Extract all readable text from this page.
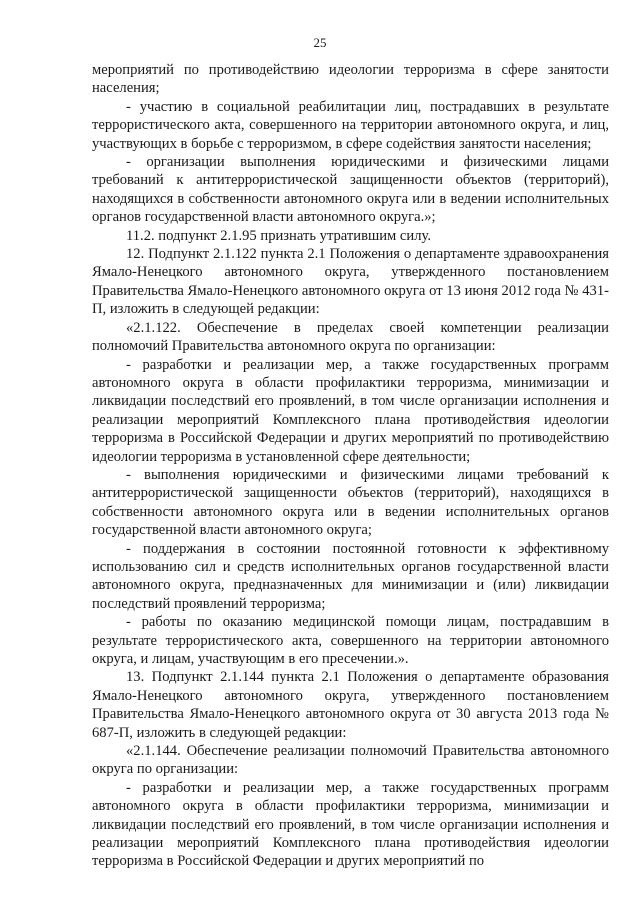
25

мероприятий по противодействию идеологии терроризма в сфере занятости населения;

- участию в социальной реабилитации лиц, пострадавших в результате террористического акта, совершенного на территории автономного округа, и лиц, участвующих в борьбе с терроризмом, в сфере содействия занятости населения;

- организации выполнения юридическими и физическими лицами требований к антитеррористической защищенности объектов (территорий), находящихся в собственности автономного округа или в ведении исполнительных органов государственной власти автономного округа.»;

11.2. подпункт 2.1.95 признать утратившим силу.

12. Подпункт 2.1.122 пункта 2.1 Положения о департаменте здравоохранения Ямало-Ненецкого автономного округа, утвержденного постановлением Правительства Ямало-Ненецкого автономного округа от 13 июня 2012 года № 431-П, изложить в следующей редакции:

«2.1.122. Обеспечение в пределах своей компетенции реализации полномочий Правительства автономного округа по организации:

- разработки и реализации мер, а также государственных программ автономного округа в области профилактики терроризма, минимизации и ликвидации последствий его проявлений, в том числе организации исполнения и реализации мероприятий Комплексного плана противодействия идеологии терроризма в Российской Федерации и других мероприятий по противодействию идеологии терроризма в установленной сфере деятельности;

- выполнения юридическими и физическими лицами требований к антитеррористической защищенности объектов (территорий), находящихся в собственности автономного округа или в ведении исполнительных органов государственной власти автономного округа;

- поддержания в состоянии постоянной готовности к эффективному использованию сил и средств исполнительных органов государственной власти автономного округа, предназначенных для минимизации и (или) ликвидации последствий проявлений терроризма;

- работы по оказанию медицинской помощи лицам, пострадавшим в результате террористического акта, совершенного на территории автономного округа, и лицам, участвующим в его пресечении.».

13. Подпункт 2.1.144 пункта 2.1 Положения о департаменте образования Ямало-Ненецкого автономного округа, утвержденного постановлением Правительства Ямало-Ненецкого автономного округа от 30 августа 2013 года № 687-П, изложить в следующей редакции:

«2.1.144. Обеспечение реализации полномочий Правительства автономного округа по организации:

- разработки и реализации мер, а также государственных программ автономного округа в области профилактики терроризма, минимизации и ликвидации последствий его проявлений, в том числе организации исполнения и реализации мероприятий Комплексного плана противодействия идеологии терроризма в Российской Федерации и других мероприятий по
